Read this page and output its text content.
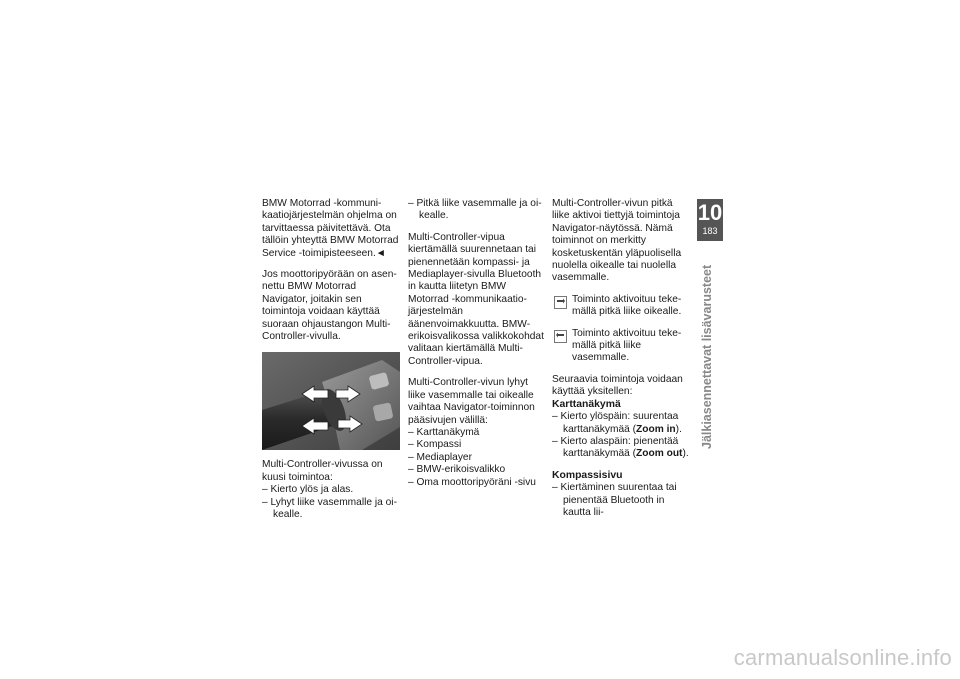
BMW Motorrad -kommunikaatiojärjestelmän ohjelma on tarvittaessa päivitettävä. Ota tällöin yhteyttä BMW Motorrad Service -toimipisteeseen.◄

Jos moottoripyörään on asennettu BMW Motorrad Navigator, joitakin sen toimintoja voidaan käyttää suoraan ohjaustangon Multi-Controller-vivulla.

Multi-Controller-vivussa on kuusi toimintoa:

– Kierto ylös ja alas.

– Lyhyt liike vasemmalle ja oikealle.

– Pitkä liike vasemmalle ja oikealle.

Multi-Controller-vipua kiertämällä suurennetaan tai pienennetään kompassi- ja Mediaplayer-sivulla Bluetooth in kautta liitetyn BMW Motorrad -kommunikaatiojärjestelmän äänenvoimakkuutta. BMW-erikoisvalikossa valikkokohdat valitaan kiertämällä Multi-Controller-vipua.

Multi-Controller-vivun lyhyt liike vasemmalle tai oikealle vaihtaa Navigator-toiminnon pääsivujen välillä:

– Karttanäkymä

– Kompassi

– Mediaplayer

– BMW-erikoisvalikko

– Oma moottoripyöräni -sivu

Multi-Controller-vivun pitkä liike aktivoi tiettyjä toimintoja Navigator-näytössä. Nämä toiminnot on merkitty kosketuskentän yläpuolisella nuolella oikealle tai nuolella vasemmalle.

Toiminto aktivoituu tekemällä pitkä liike oikealle.
Toiminto aktivoituu tekemällä pitkä liike vasemmalle.

Seuraavia toimintoja voidaan käyttää yksitellen:

Karttanäkymä

– Kierto ylöspäin: suurentaa karttanäkymää (Zoom in).

– Kierto alaspäin: pienentää karttanäkymää (Zoom out).

Kompassisivu

– Kiertäminen suurentaa tai pienentää Bluetooth in kautta lii-

10
183
Jälkiasennettavat lisävarusteet
carmanualsonline.info
